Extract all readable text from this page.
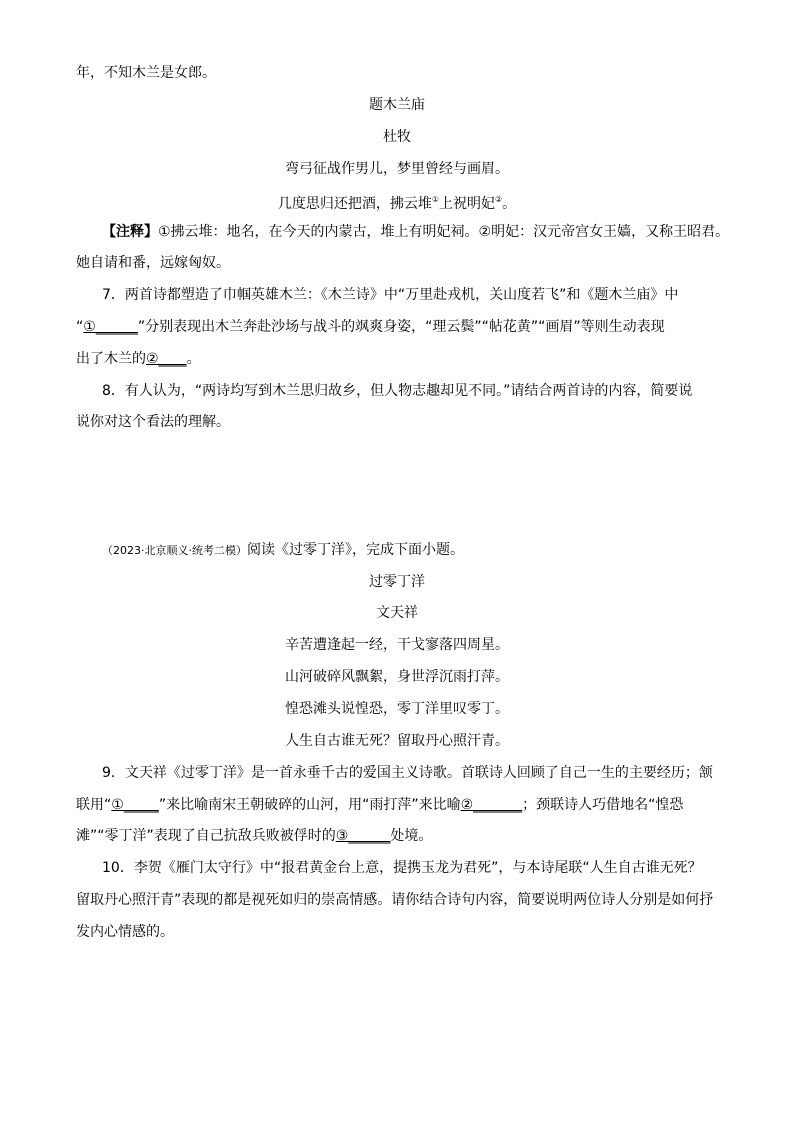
年，不知木兰是女郎。
题木兰庙
杜牧
弯弓征战作男儿，梦里曾经与画眉。
几度思归还把酒，拂云堆①上祝明妃②。
【注释】①拂云堆：地名，在今天的内蒙古，堆上有明妃祠。②明妃：汉元帝宫女王嫱，又称王昭君。
她自请和番，远嫁匈奴。
7．两首诗都塑造了巾帼英雄木兰：《木兰诗》中“万里赴戎机，关山度若飞”和《题木兰庙》中
“①______”分别表现出木兰奔赴沙场与战斗的飒爽身姿，“理云鬓”“帖花黄”“画眉”等则生动表现
出了木兰的②____。
8．有人认为，“两诗均写到木兰思归故乡，但人物志趣却见不同。”请结合两首诗的内容，简要说
说你对这个看法的理解。
（2023·北京顺义·统考二模）阅读《过零丁洋》，完成下面小题。
过零丁洋
文天祥
辛苦遭逢起一经，干戈寥落四周星。
山河破碎风飘絮，身世浮沉雨打萍。
惶恐滩头说惶恐，零丁洋里叹零丁。
人生自古谁无死？留取丹心照汗青。
9．文天祥《过零丁洋》是一首永垂千古的爱国主义诗歌。首联诗人回顾了自己一生的主要经历；颔
联用“①_____”来比喻南宋王朝破碎的山河，用“雨打萍”来比喻②_______；颈联诗人巧借地名“惶恐
滩”“零丁洋”表现了自己抗敌兵败被俘时的③______处境。
10．李贺《雁门太守行》中“报君黄金台上意，提携玉龙为君死”，与本诗尾联“人生自古谁无死？
留取丹心照汗青”表现的都是视死如归的崇高情感。请你结合诗句内容，简要说明两位诗人分别是如何抒
发内心情感的。
